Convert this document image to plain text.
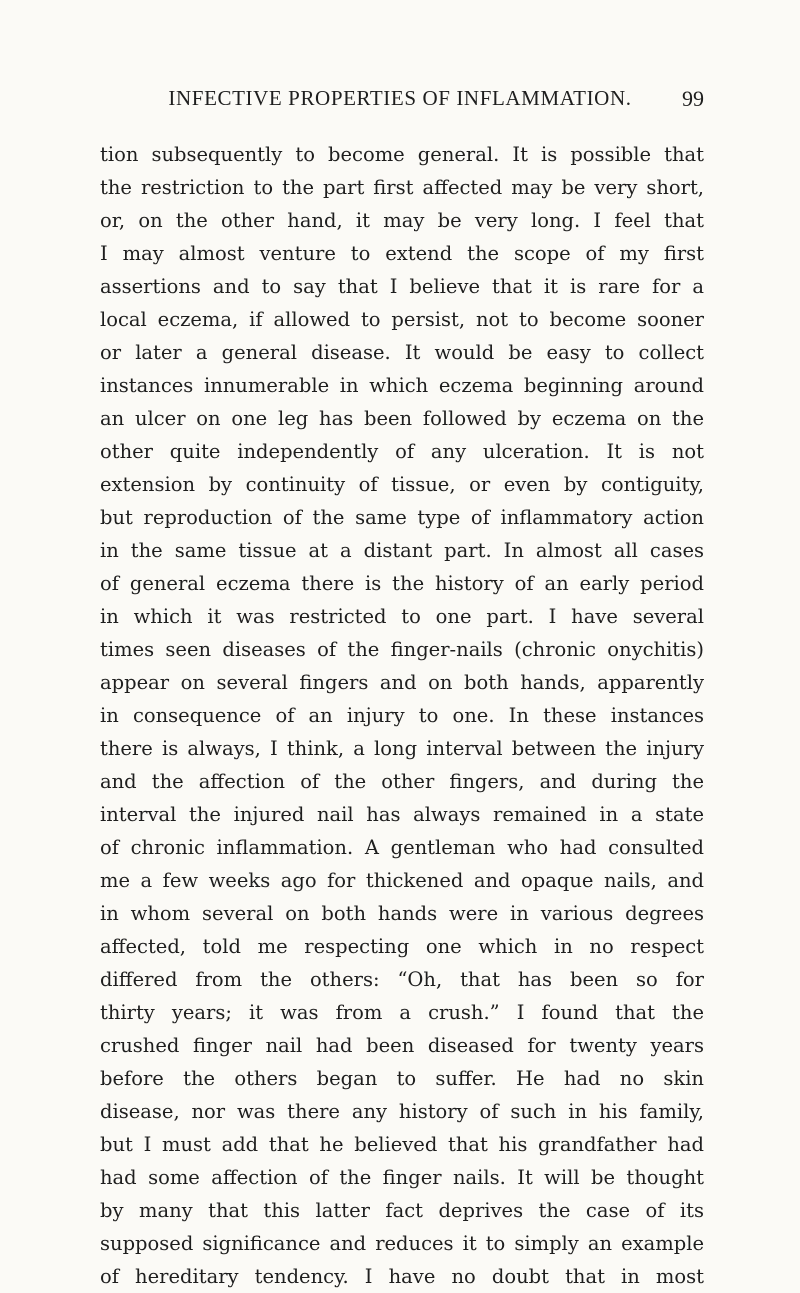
INFECTIVE PROPERTIES OF INFLAMMATION. 99
tion subsequently to become general. It is possible that
the restriction to the part first affected may be very short,
or, on the other hand, it may be very long. I feel that
I may almost venture to extend the scope of my first
assertions and to say that I believe that it is rare for a
local eczema, if allowed to persist, not to become sooner
or later a general disease. It would be easy to collect
instances innumerable in which eczema beginning around
an ulcer on one leg has been followed by eczema on the
other quite independently of any ulceration. It is not
extension by continuity of tissue, or even by contiguity,
but reproduction of the same type of inflammatory action
in the same tissue at a distant part. In almost all cases
of general eczema there is the history of an early period
in which it was restricted to one part. I have several
times seen diseases of the finger-nails (chronic onychitis)
appear on several fingers and on both hands, apparently
in consequence of an injury to one. In these instances
there is always, I think, a long interval between the injury
and the affection of the other fingers, and during the
interval the injured nail has always remained in a state
of chronic inflammation. A gentleman who had consulted
me a few weeks ago for thickened and opaque nails, and
in whom several on both hands were in various degrees
affected, told me respecting one which in no respect
differed from the others: “Oh, that has been so for
thirty years; it was from a crush.” I found that the
crushed finger nail had been diseased for twenty years
before the others began to suffer. He had no skin
disease, nor was there any history of such in his family,
but I must add that he believed that his grandfather had
had some affection of the finger nails. It will be thought
by many that this latter fact deprives the case of its
supposed significance and reduces it to simply an example
of hereditary tendency. I have no doubt that in most
